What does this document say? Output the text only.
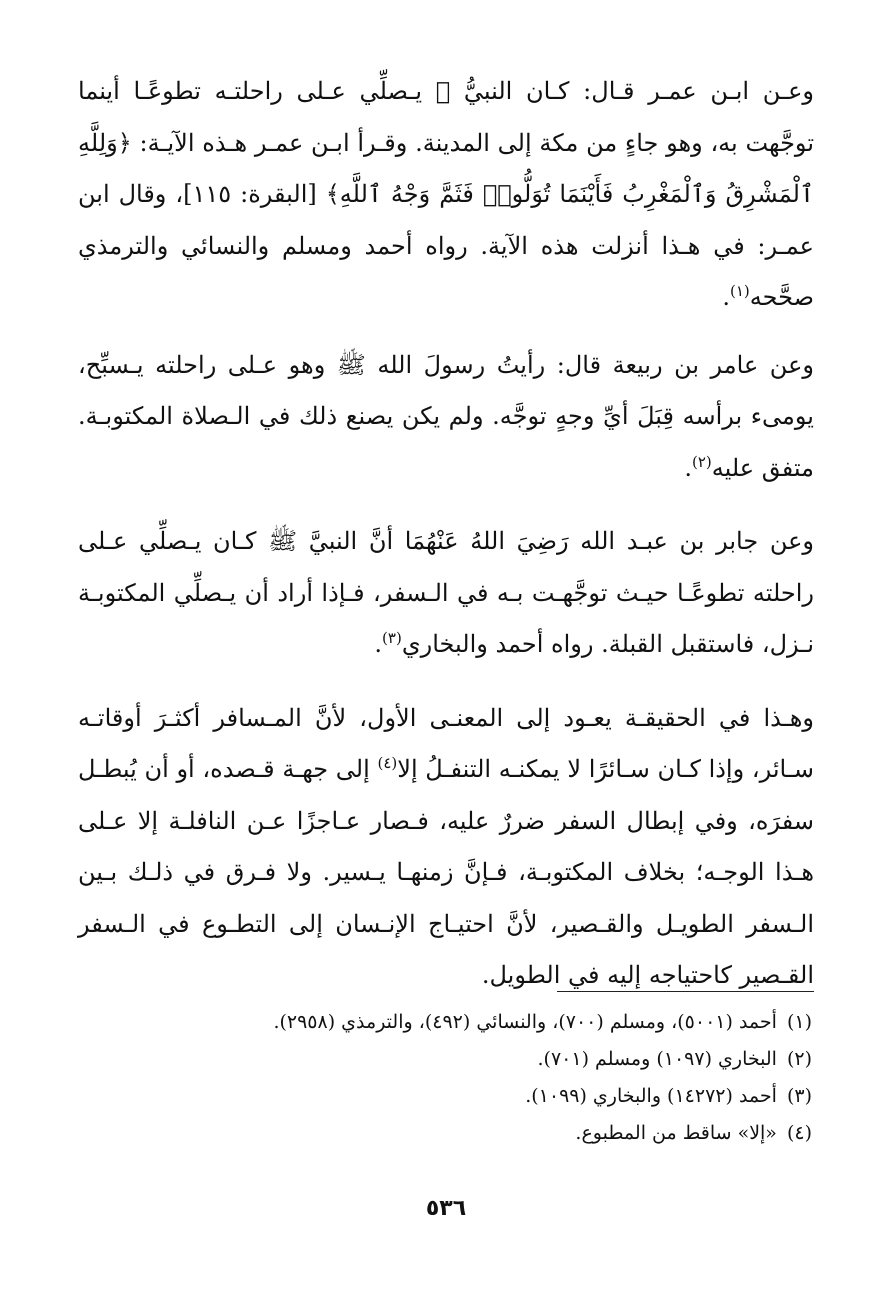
وعـن ابـن عمـر قـال: كـان النبيُّ ﷺ يـصلِّي عـلى راحلتـه تطوعًـا أينما توجَّهت به، وهو جاءٍ من مكة إلى المدينة. وقـرأ ابـن عمـر هـذه الآيـة: ﴿وَلِلَّهِ ٱلْمَشْرِقُ وَٱلْمَغْرِبُ فَأَيْنَمَا تُوَلُّوا۟ فَثَمَّ وَجْهُ ٱللَّهِ﴾ [البقرة: ١١٥]، وقال ابن عمـر: في هـذا أنزلت هذه الآية. رواه أحمد ومسلم والنسائي والترمذي صحَّحه$^{(١)}$.

وعن عامر بن ربيعة قال: رأيتُ رسولَ الله ﷺ وهو عـلى راحلته يـسبِّح، يومىء برأسه قِبَلَ أيِّ وجهٍ توجَّه. ولم يكن يصنع ذلك في الـصلاة المكتوبـة. متفق عليه$^{(٢)}$.

وعن جابر بن عبـد الله رَضِيَ اللهُ عَنْهُمَا أنَّ النبيَّ ﷺ كـان يـصلِّي عـلى راحلته تطوعًـا حيـث توجَّهـت بـه في الـسفر، فـإذا أراد أن يـصلِّي المكتوبـة نـزل، فاستقبل القبلة. رواه أحمد والبخاري$^{(٣)}$.

وهـذا في الحقيقـة يعـود إلى المعنـى الأول، لأنَّ المـسافر أكثـرَ أوقاتـه سـائر، وإذا كـان سـائرًا لا يمكنـه التنفـلُ إلا$^{(٤)}$ إلى جهـة قـصده، أو أن يُبطـل سفرَه، وفي إبطال السفر ضررٌ عليه، فـصار عـاجزًا عـن النافلـة إلا عـلى هـذا الوجـه؛ بخلاف المكتوبـة، فـإنَّ زمنهـا يـسير. ولا فـرق في ذلـك بـين الـسفر الطويـل والقـصير، لأنَّ احتيـاج الإنـسان إلى التطـوع في الـسفر القـصير كاحتياجه إليه في الطويل.

(١)أحمد (٥٠٠١)، ومسلم (٧٠٠)، والنسائي (٤٩٢)، والترمذي (٢٩٥٨).
(٢)البخاري (١٠٩٧) ومسلم (٧٠١).
(٣)أحمد (١٤٢٧٢) والبخاري (١٠٩٩).
(٤)«إلا» ساقط من المطبوع.
٥٣٦
